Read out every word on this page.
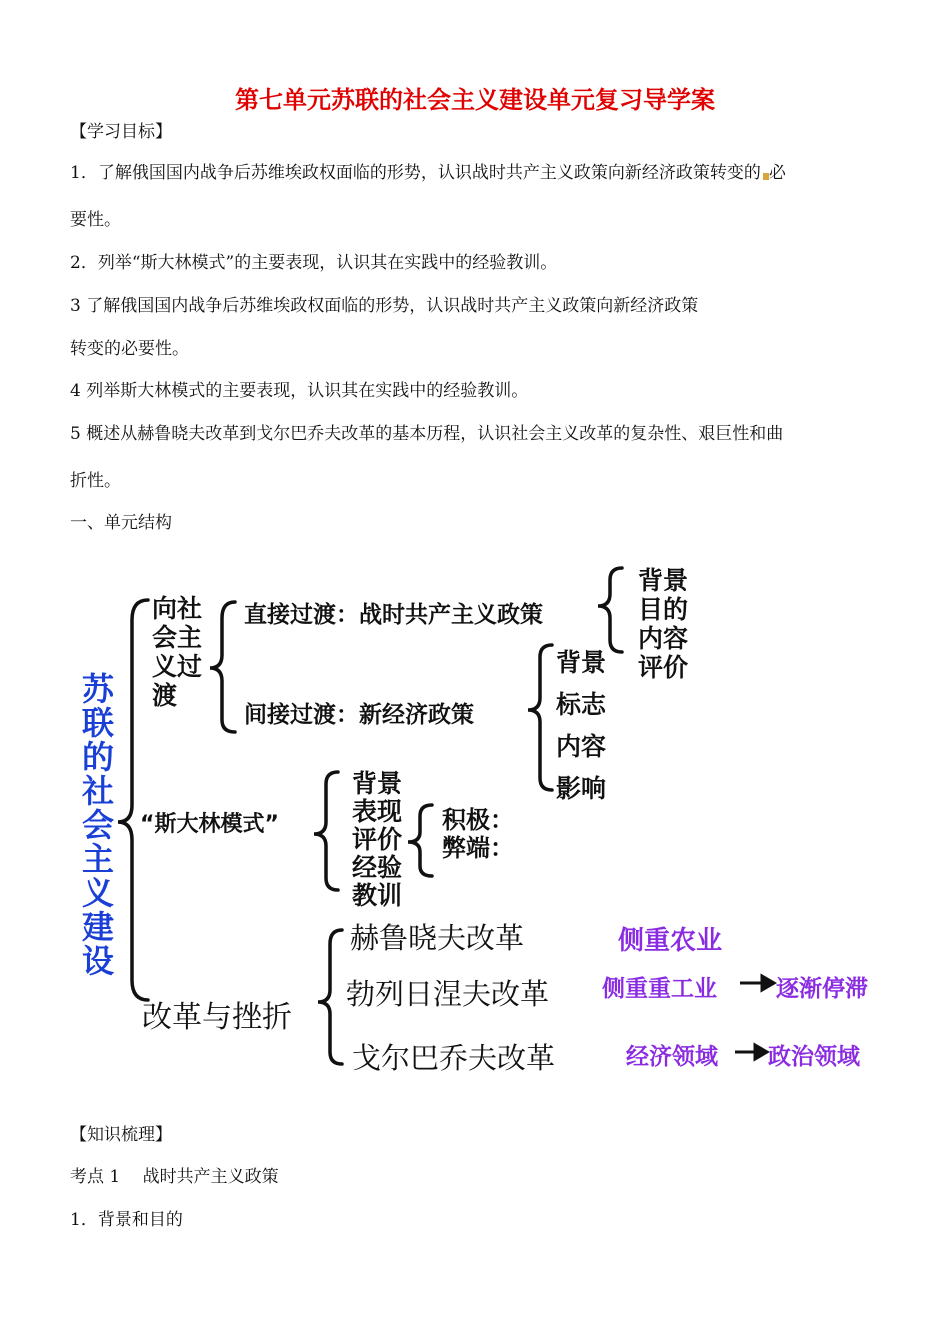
第七单元苏联的社会主义建设单元复习导学案
【学习目标】
1．了解俄国国内战争后苏维埃政权面临的形势，认识战时共产主义政策向新经济政策转变的 必
要性。
2．列举“斯大林模式”的主要表现，认识其在实践中的经验教训。
3 了解俄国国内战争后苏维埃政权面临的形势，认识战时共产主义政策向新经济政策
转变的必要性。
4 列举斯大林模式的主要表现，认识其在实践中的经验教训。
5 概述从赫鲁晓夫改革到戈尔巴乔夫改革的基本历程，认识社会主义改革的复杂性、艰巨性和曲
折性。
一、单元结构
苏联的社会主义建设
向社会主义过渡
直接过渡：战时共产主义政策
背景
目的
内容
评价
间接过渡：新经济政策
背景
标志
内容
影响
“斯大林模式”
背景
表现
评价
经验
教训
积极：
弊端：
改革与挫折
赫鲁晓夫改革	侧重农业
勃列日涅夫改革 侧重重工业	逐渐停滞
戈尔巴乔夫改革	经济领域 政治领域
【知识梳理】
考点 1　 战时共产主义政策
1．背景和目的
